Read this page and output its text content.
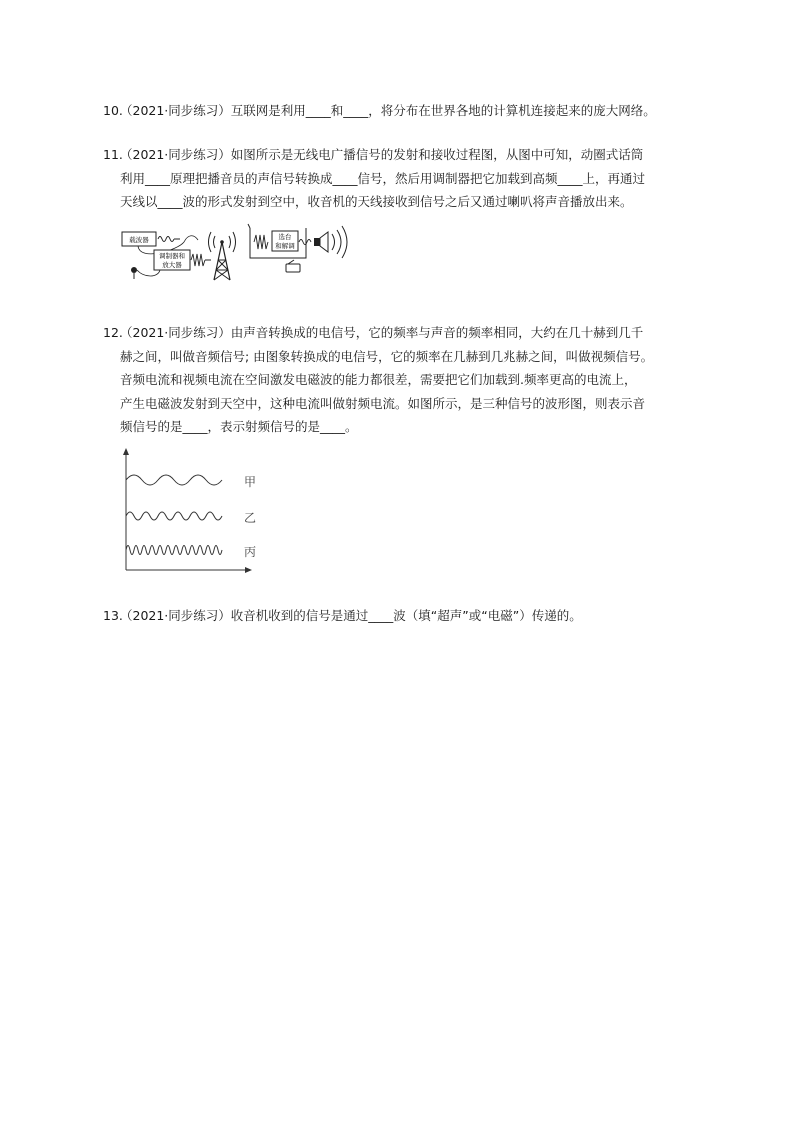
10.（2021·同步练习）互联网是利用____和____，将分布在世界各地的计算机连接起来的庞大网络。

11.（2021·同步练习）如图所示是无线电广播信号的发射和接收过程图，从图中可知，动圈式话筒

利用____原理把播音员的声信号转换成____信号，然后用调制器把它加载到高频____上，再通过

天线以____波的形式发射到空中，收音机的天线接收到信号之后又通过喇叭将声音播放出来。

载波器
调制器和
放大器
选台
和解调

12.（2021·同步练习）由声音转换成的电信号，它的频率与声音的频率相同，大约在几十赫到几千

赫之间，叫做音频信号; 由图象转换成的电信号，它的频率在几赫到几兆赫之间，叫做视频信号。

音频电流和视频电流在空间激发电磁波的能力都很差，需要把它们加载到.频率更高的电流上，

产生电磁波发射到天空中，这种电流叫做射频电流。如图所示，是三种信号的波形图，则表示音

频信号的是____，表示射频信号的是____。

甲
乙
丙

13.（2021·同步练习）收音机收到的信号是通过____波（填“超声”或“电磁”）传递的。
